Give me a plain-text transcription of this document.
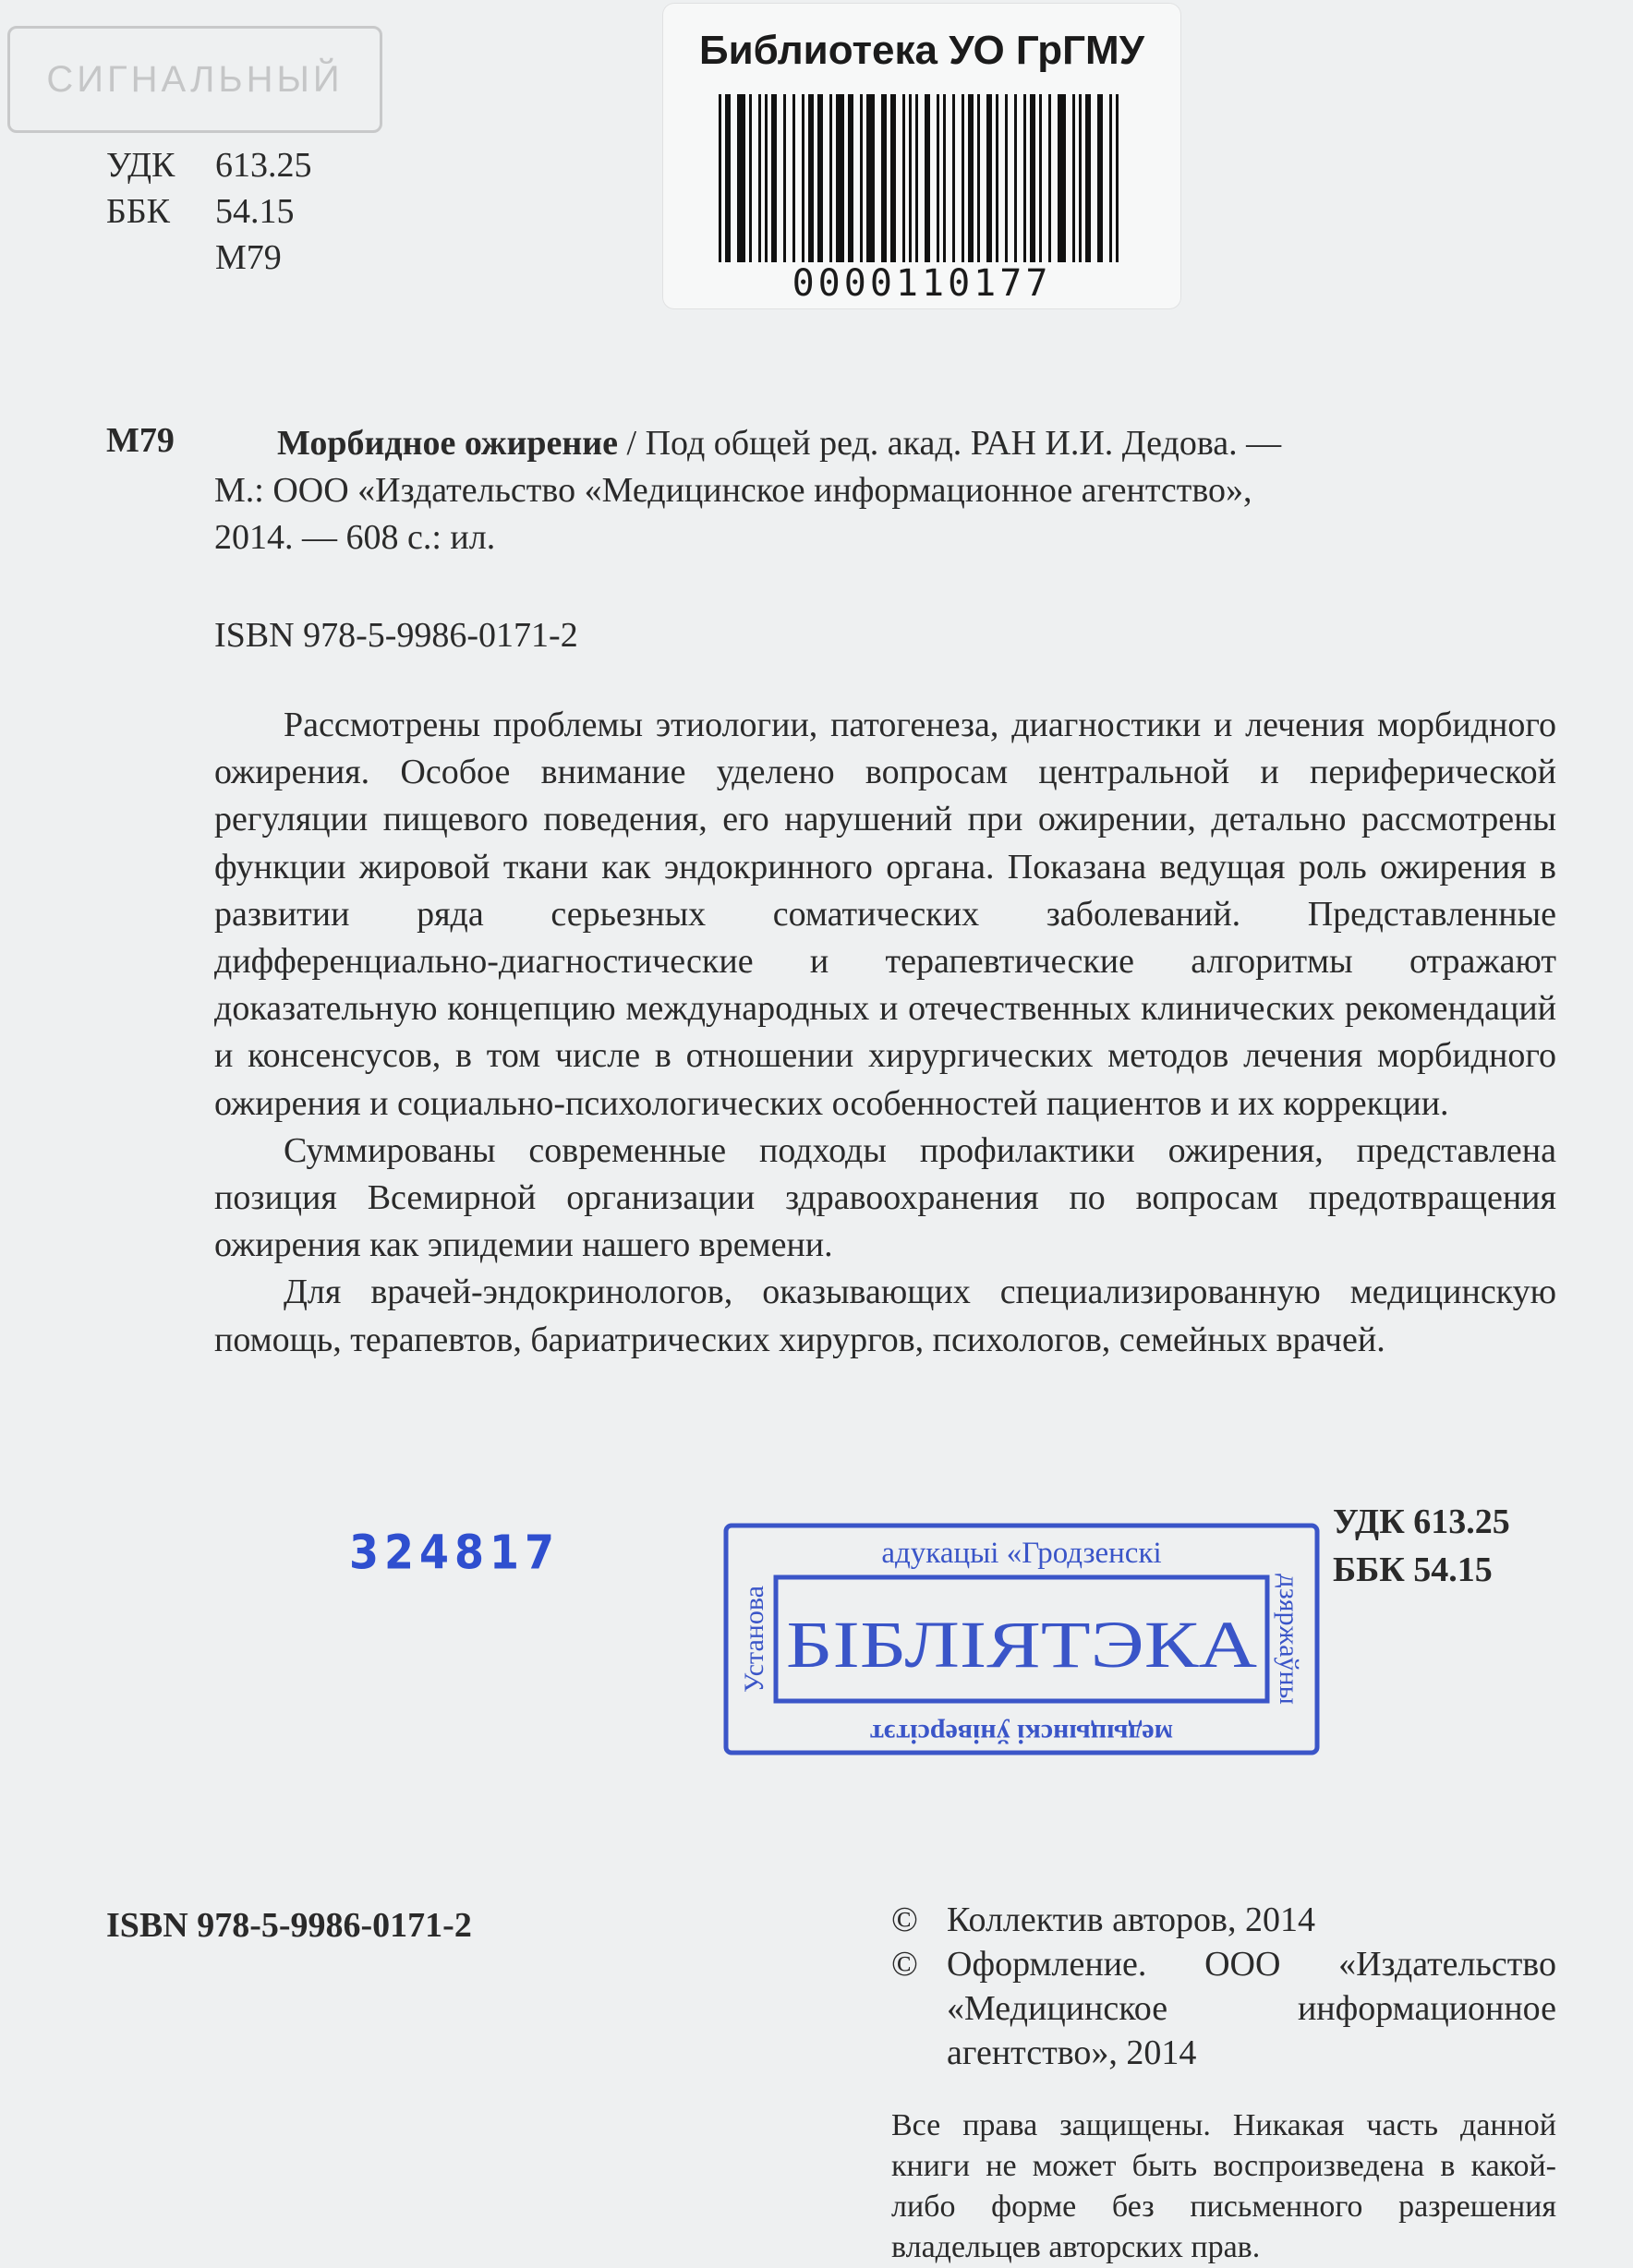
СИГНАЛЬНЫЙ
Библиотека УО ГрГМУ
0000110177
УДК	613.25
ББК	54.15
М79
М79	Морбидное ожирение / Под общей ред. акад. РАН И.И. Дедова. —
М.: ООО «Издательство «Медицинское информационное агентство»,
2014. — 608 с.: ил.
ISBN 978-5-9986-0171-2

Рассмотрены проблемы этиологии, патогенеза, диагностики и лечения морбидного ожирения. Особое внимание уделено вопросам центральной и периферической регуляции пищевого поведения, его нарушений при ожирении, детально рассмотрены функции жировой ткани как эндокринного органа. Показана ведущая роль ожирения в развитии ряда серьезных соматических заболеваний. Представленные дифференциально-диагностические и терапевтические алгоритмы отражают доказательную концепцию международных и отечественных клинических рекомендаций и консенсусов, в том числе в отношении хирургических методов лечения морбидного ожирения и социально-психологических особенностей пациентов и их коррекции.

Суммированы современные подходы профилактики ожирения, представлена позиция Всемирной организации здравоохранения по вопросам предотвращения ожирения как эпидемии нашего времени.

Для врачей-эндокринологов, оказывающих специализированную медицинскую помощь, терапевтов, бариатрических хирургов, психологов, семейных врачей.

324817	адукацыі «Гродзенскі
БІБЛІЯТЭКА
Установа	дзяржаўны
медыцынскі ўніверсітэт
УДК 613.25
ББК 54.15
ISBN 978-5-9986-0171-2	© Коллектив авторов, 2014
© Оформление. ООО «Издательство «Медицинское информационное агентство», 2014
Все права защищены. Никакая часть данной книги не может быть воспроизведена в какой-либо форме без письменного разрешения владельцев авторских прав.
